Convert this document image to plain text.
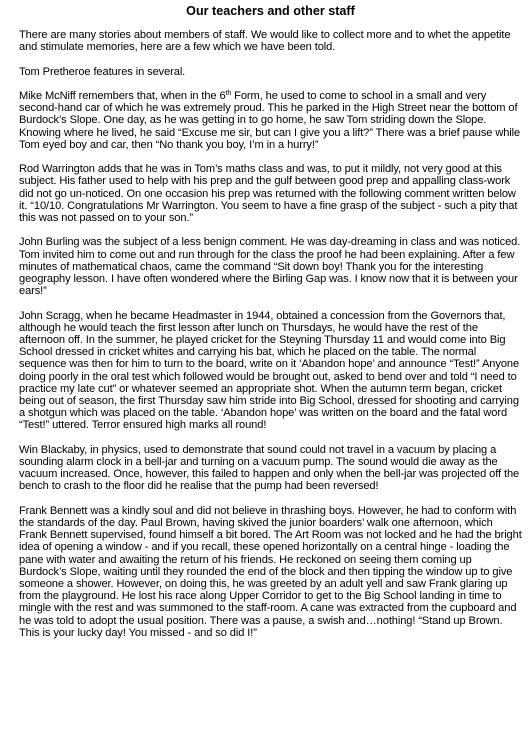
Our teachers and other staff

There are many stories about members of staff. We would like to collect more and to whet the appetite and stimulate memories, here are a few which we have been told.

Tom Pretheroe features in several.

Mike McNiff remembers that, when in the 6th Form, he used to come to school in a small and very second-hand car of which he was extremely proud. This he parked in the High Street near the bottom of Burdock’s Slope. One day, as he was getting in to go home, he saw Tom striding down the Slope. Knowing where he lived, he said “Excuse me sir, but can I give you a lift?” There was a brief pause while Tom eyed boy and car, then “No thank you boy, I’m in a hurry!”

Rod Warrington adds that he was in Tom’s maths class and was, to put it mildly, not very good at this subject. His father used to help with his prep and the gulf between good prep and appalling class-work did not go un-noticed. On one occasion his prep was returned with the following comment written below it. “10/10. Congratulations Mr Warrington. You seem to have a fine grasp of the subject - such a pity that this was not passed on to your son.”

John Burling was the subject of a less benign comment. He was day-dreaming in class and was noticed. Tom invited him to come out and run through for the class the proof he had been explaining. After a few minutes of mathematical chaos, came the command “Sit down boy! Thank you for the interesting geography lesson. I have often wondered where the Birling Gap was. I know now that it is between your ears!”

John Scragg, when he became Headmaster in 1944, obtained a concession from the Governors that, although he would teach the first lesson after lunch on Thursdays, he would have the rest of the afternoon off. In the summer, he played cricket for the Steyning Thursday 11 and would come into Big School dressed in cricket whites and carrying his bat, which he placed on the table. The normal sequence was then for him to turn to the board, write on it ‘Abandon hope’ and announce “Test!” Anyone doing poorly in the oral test which followed would be brought out, asked to bend over and told “I need to practice my late cut” or whatever seemed an appropriate shot. When the autumn term began, cricket being out of season, the first Thursday saw him stride into Big School, dressed for shooting and carrying a shotgun which was placed on the table. ‘Abandon hope’ was written on the board and the fatal word “Test!” uttered. Terror ensured high marks all round!

Win Blackaby, in physics, used to demonstrate that sound could not travel in a vacuum by placing a sounding alarm clock in a bell-jar and turning on a vacuum pump. The sound would die away as the vacuum increased. Once, however, this failed to happen and only when the bell-jar was projected off the bench to crash to the floor did he realise that the pump had been reversed!

Frank Bennett was a kindly soul and did not believe in thrashing boys. However, he had to conform with the standards of the day. Paul Brown, having skived the junior boarders’ walk one afternoon, which Frank Bennett supervised, found himself a bit bored. The Art Room was not locked and he had the bright idea of opening a window - and if you recall, these opened horizontally on a central hinge - loading the pane with water and awaiting the return of his friends. He reckoned on seeing them coming up Burdock’s Slope, waiting until they rounded the end of the block and then tipping the window up to give someone a shower. However, on doing this, he was greeted by an adult yell and saw Frank glaring up from the playground. He lost his race along Upper Corridor to get to the Big School landing in time to mingle with the rest and was summoned to the staff-room. A cane was extracted from the cupboard and he was told to adopt the usual position. There was a pause, a swish and…nothing! “Stand up Brown. This is your lucky day! You missed - and so did I!”
